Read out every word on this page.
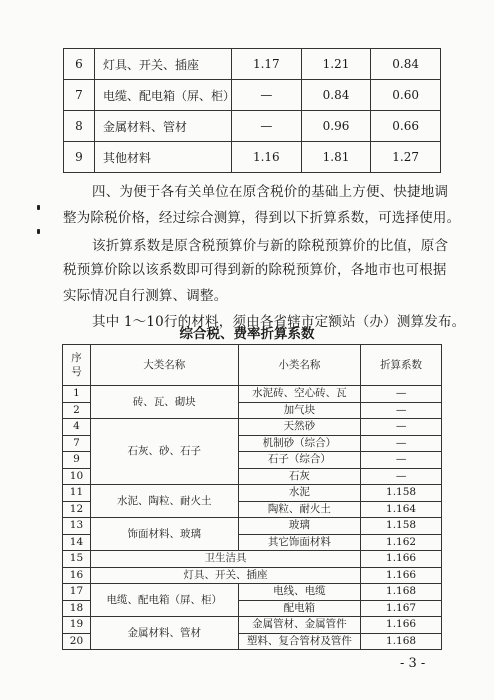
6	灯具、开关、插座	1.17	1.21	0.84
7	电缆、配电箱（屏、柜）	—	0.84	0.60
8	金属材料、管材	—	0.96	0.66
9	其他材料	1.16	1.81	1.27
四、为便于各有关单位在原含税价的基础上方便、快捷地调
整为除税价格，经过综合测算，得到以下折算系数，可选择使用。
该折算系数是原含税预算价与新的除税预算价的比值，原含
税预算价除以该系数即可得到新的除税预算价，各地市也可根据
实际情况自行测算、调整。
综合税、费率折算系数
序号	大类名称	小类名称	折算系数
1	砖、瓦、砌块	水泥砖、空心砖、瓦	—
2		加气块	—
4	石灰、砂、石子	天然砂	—
7		机制砂（综合）	—
9		石子（综合）	—
10		石灰	—
11	水泥、陶粒、耐火土	水泥	1.158
12		陶粒、耐火土	1.164
13	饰面材料、玻璃	玻璃	1.158
14		其它饰面材料	1.162
15	卫生洁具		1.166
16	灯具、开关、插座		1.166
17	电缆、配电箱（屏、柜）	电线、电缆	1.168
18		配电箱	1.167
19	金属材料、管材	金属管材、金属管件	1.166
20		塑料、复合管材及管件	1.168
- 3 -
其中 1～10行的材料，须由各省辖市定额站（办）测算发布。
